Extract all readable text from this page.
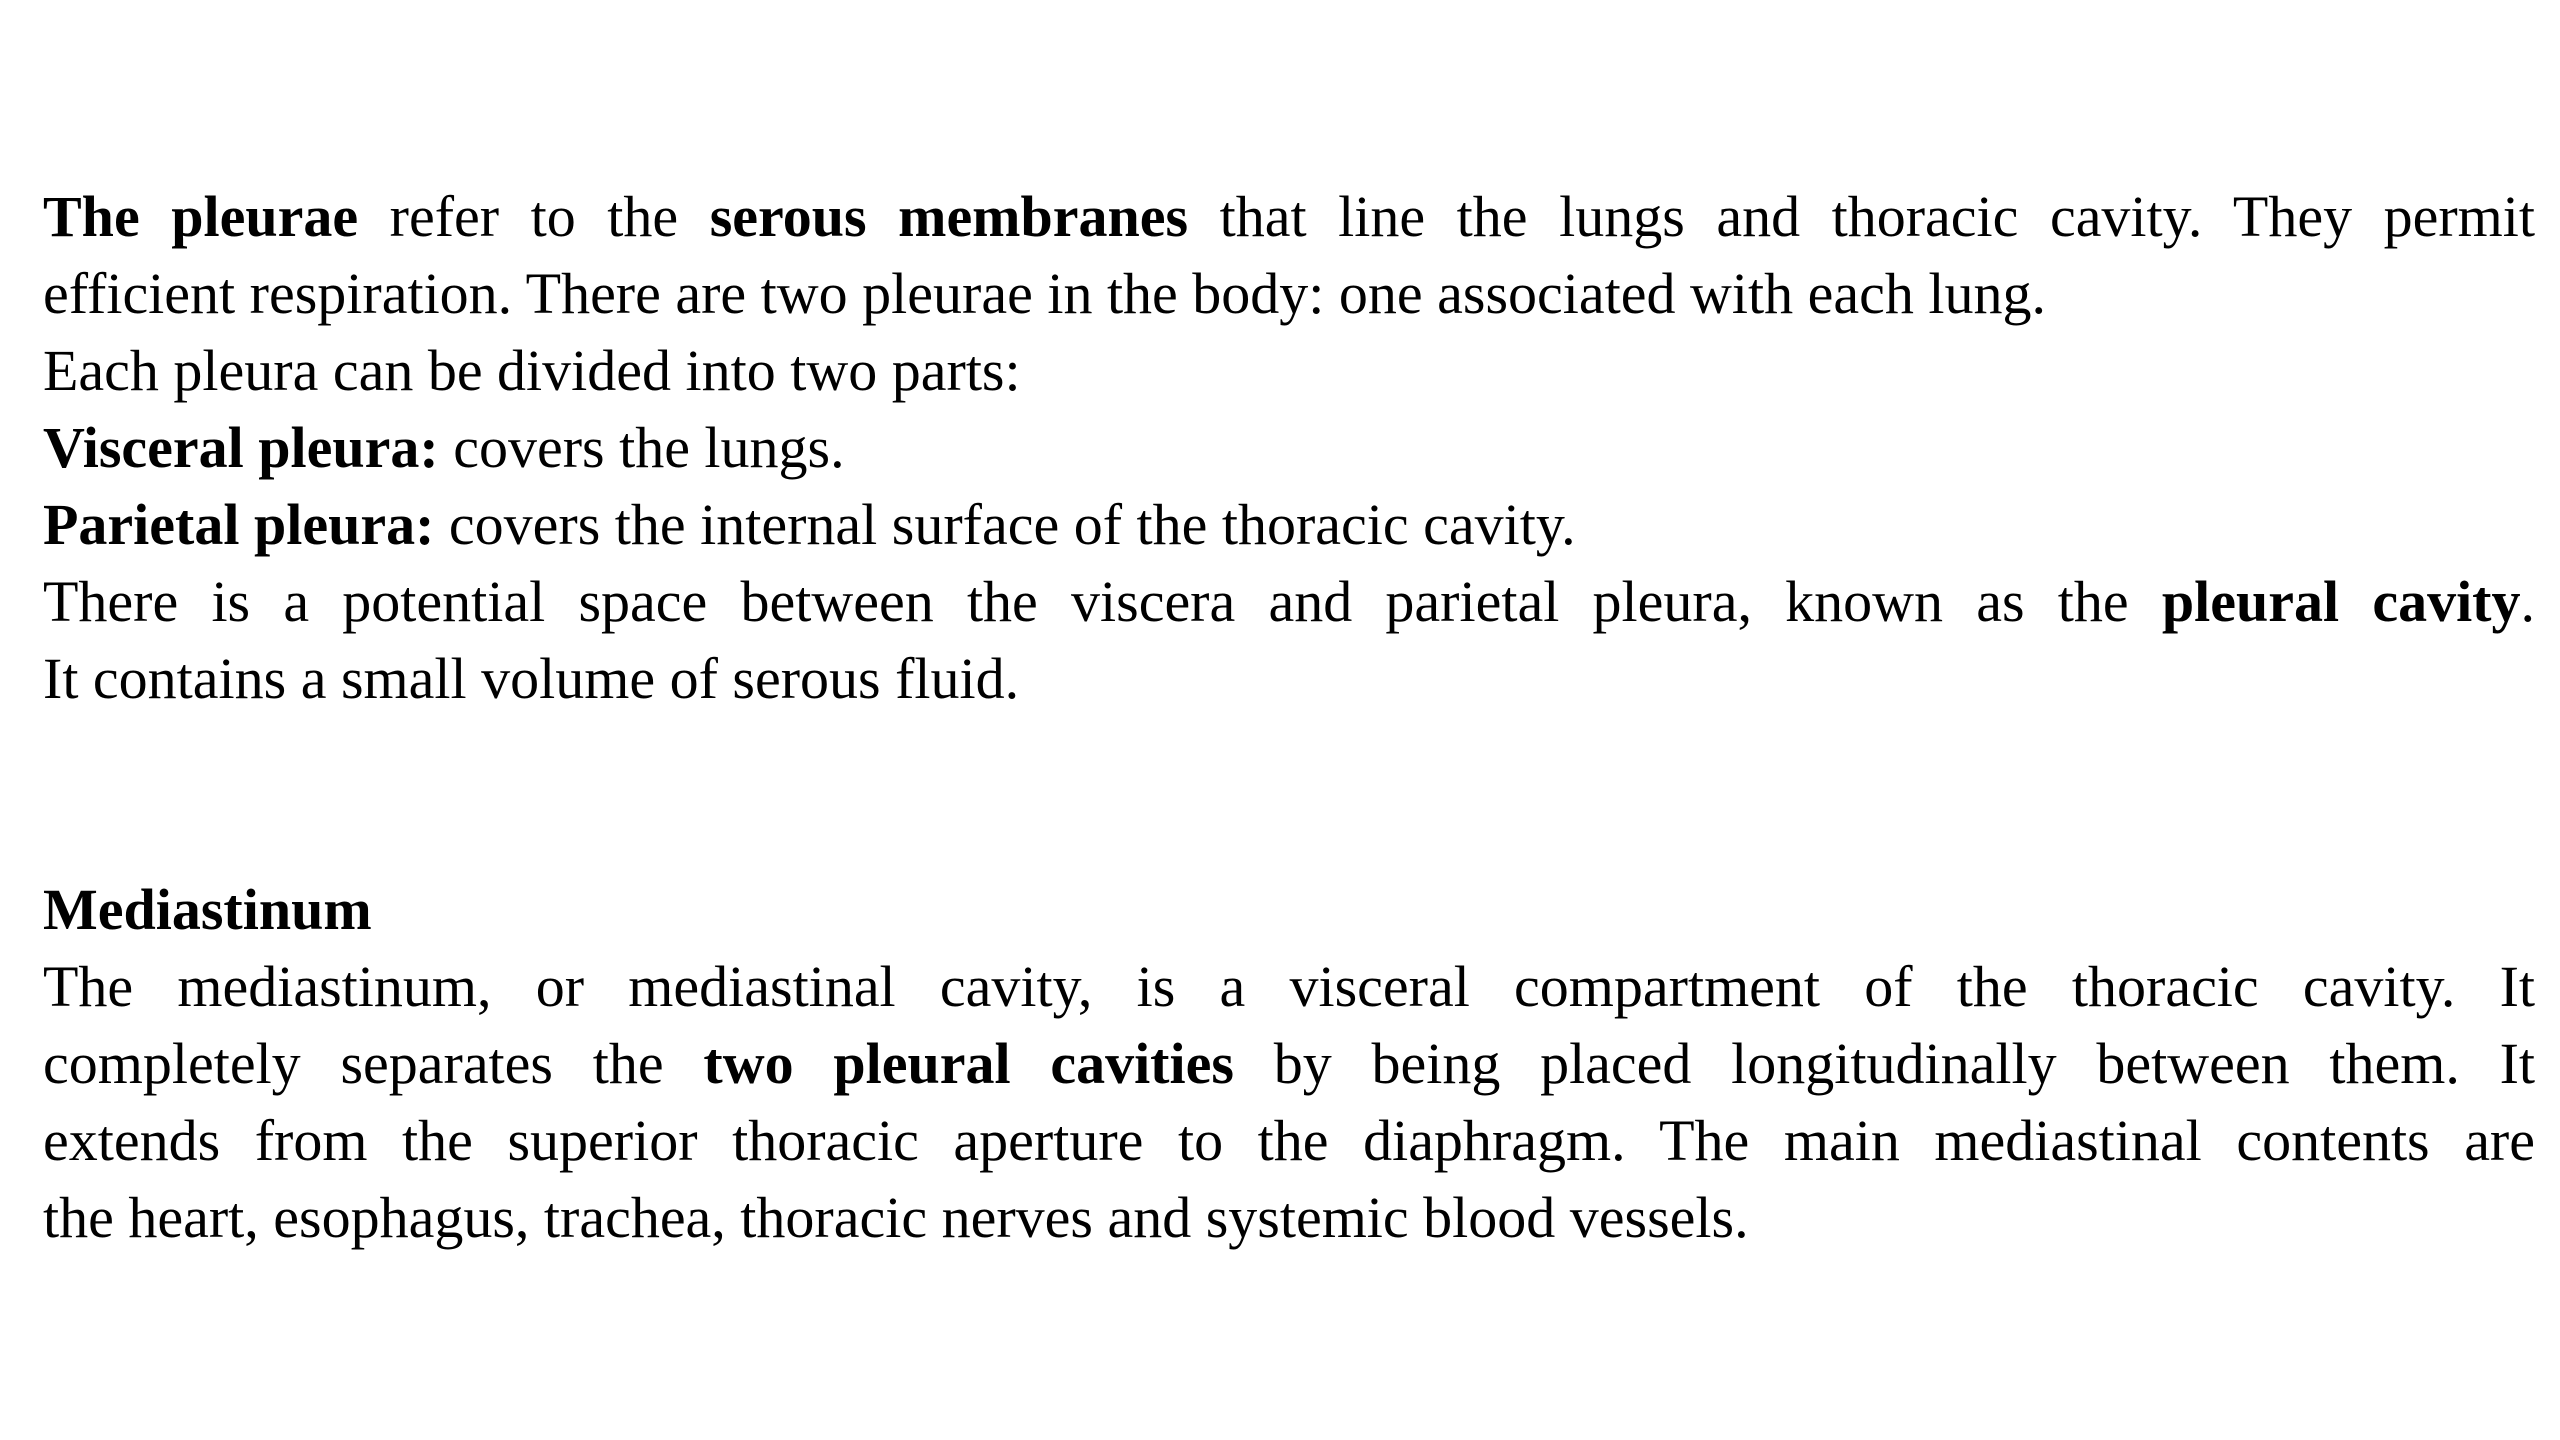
The pleurae refer to the serous membranes that line the lungs and thoracic cavity. They permit
efficient respiration. There are two pleurae in the body: one associated with each lung.
Each pleura can be divided into two parts:
Visceral pleura: covers the lungs.
Parietal pleura: covers the internal surface of the thoracic cavity.
There is a potential space between the viscera and parietal pleura, known as the pleural cavity.
It contains a small volume of serous fluid.
Mediastinum
The mediastinum, or mediastinal cavity, is a visceral compartment of the thoracic cavity. It
completely separates the two pleural cavities by being placed longitudinally between them. It
extends from the superior thoracic aperture to the diaphragm. The main mediastinal contents are
the heart, esophagus, trachea, thoracic nerves and systemic blood vessels.
